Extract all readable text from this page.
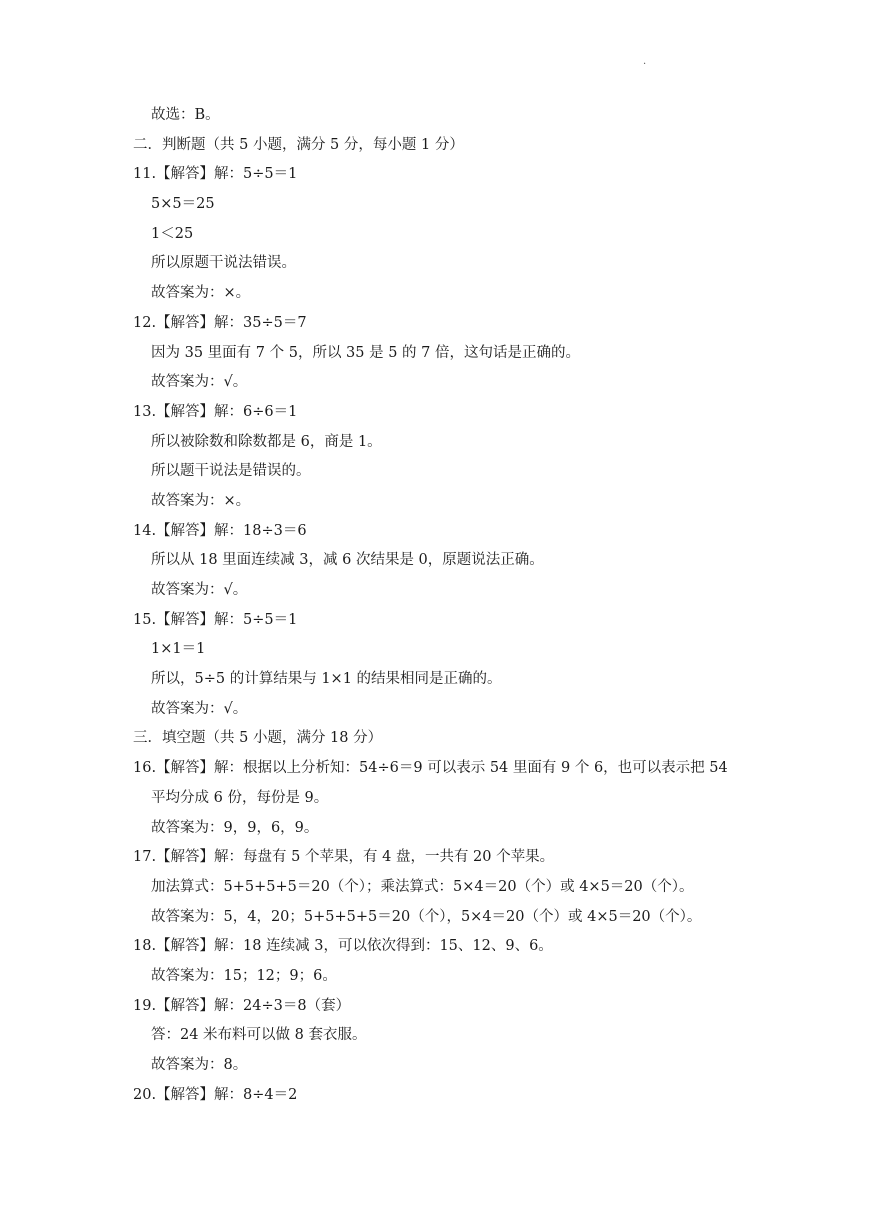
.
故选：B。
二．判断题（共 5 小题，满分 5 分，每小题 1 分）
11.【解答】解：5÷5＝1
5×5＝25
1＜25
所以原题干说法错误。
故答案为：×。
12.【解答】解：35÷5＝7
因为 35 里面有 7 个 5，所以 35 是 5 的 7 倍，这句话是正确的。
故答案为：√。
13.【解答】解：6÷6＝1
所以被除数和除数都是 6，商是 1。
所以题干说法是错误的。
故答案为：×。
14.【解答】解：18÷3＝6
所以从 18 里面连续减 3，减 6 次结果是 0，原题说法正确。
故答案为：√。
15.【解答】解：5÷5＝1
1×1＝1
所以，5÷5 的计算结果与 1×1 的结果相同是正确的。
故答案为：√。
三．填空题（共 5 小题，满分 18 分）
16.【解答】解：根据以上分析知：54÷6＝9 可以表示 54 里面有 9 个 6，也可以表示把 54
平均分成 6 份，每份是 9。
故答案为：9，9，6，9。
17.【解答】解：每盘有 5 个苹果，有 4 盘，一共有 20 个苹果。
加法算式：5+5+5+5＝20（个）；乘法算式：5×4＝20（个）或 4×5＝20（个）。
故答案为：5，4，20；5+5+5+5＝20（个），5×4＝20（个）或 4×5＝20（个）。
18.【解答】解：18 连续减 3，可以依次得到：15、12、9、6。
故答案为：15；12；9；6。
19.【解答】解：24÷3＝8（套）
答：24 米布料可以做 8 套衣服。
故答案为：8。
20.【解答】解：8÷4＝2
